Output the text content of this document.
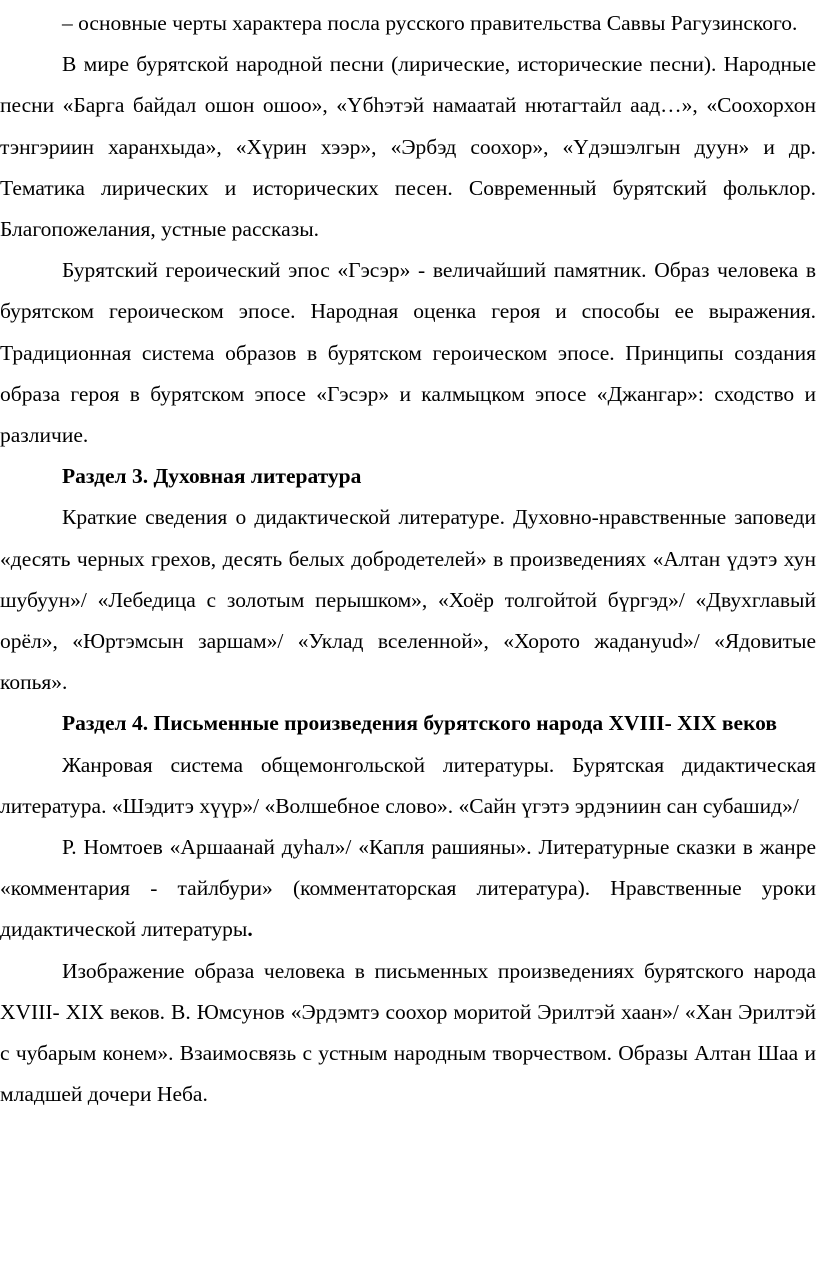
– основные черты характера посла русского правительства Саввы Рагузинского.

В мире бурятской народной песни (лирические, исторические песни). Народные песни «Барга байдал ошон ошоо», «Үбһэтэй намаатай нютагтайл аад…», «Соохорхон тэнгэриин харанхыда», «Хүрин хээр», «Эрбэд соохор», «Үдэшэлгын дуун» и др. Тематика лирических и исторических песен. Современный бурятский фольклор. Благопожелания, устные рассказы.

Бурятский героический эпос «Гэсэр» - величайший памятник. Образ человека в бурятском героическом эпосе. Народная оценка героя и способы ее выражения. Традиционная система образов в бурятском героическом эпосе. Принципы создания образа героя в бурятском эпосе «Гэсэр» и калмыцком эпосе «Джангар»: сходство и различие.

Раздел 3. Духовная литература

Краткие сведения о дидактической литературе. Духовно-нравственные заповеди «десять черных грехов, десять белых добродетелей» в произведениях «Алтан үдэтэ хун шубуун»/ «Лебедица с золотым перышком», «Хоёр толгойтой бүргэд»/ «Двухглавый орёл», «Юртэмсын заршам»/ «Уклад вселенной», «Хорото жадануud»/ «Ядовитые копья».

Раздел 4. Письменные произведения бурятского народа XVIII- XIX веков

Жанровая система общемонгольской литературы. Бурятская дидактическая литература. «Шэдитэ хүүр»/ «Волшебное слово». «Сайн үгэтэ эрдэниин сан субашид»/

Р. Номтоев «Аршаанай дуһал»/ «Капля рашияны». Литературные сказки в жанре «комментария - тайлбури» (комментаторская литература). Нравственные уроки дидактической литературы.

Изображение образа человека в письменных произведениях бурятского народа XVIII- XIX веков. В. Юмсунов «Эрдэмтэ соохор моритой Эрилтэй хаан»/ «Хан Эрилтэй с чубарым конем». Взаимосвязь с устным народным творчеством. Образы Алтан Шаа и младшей дочери Неба.
